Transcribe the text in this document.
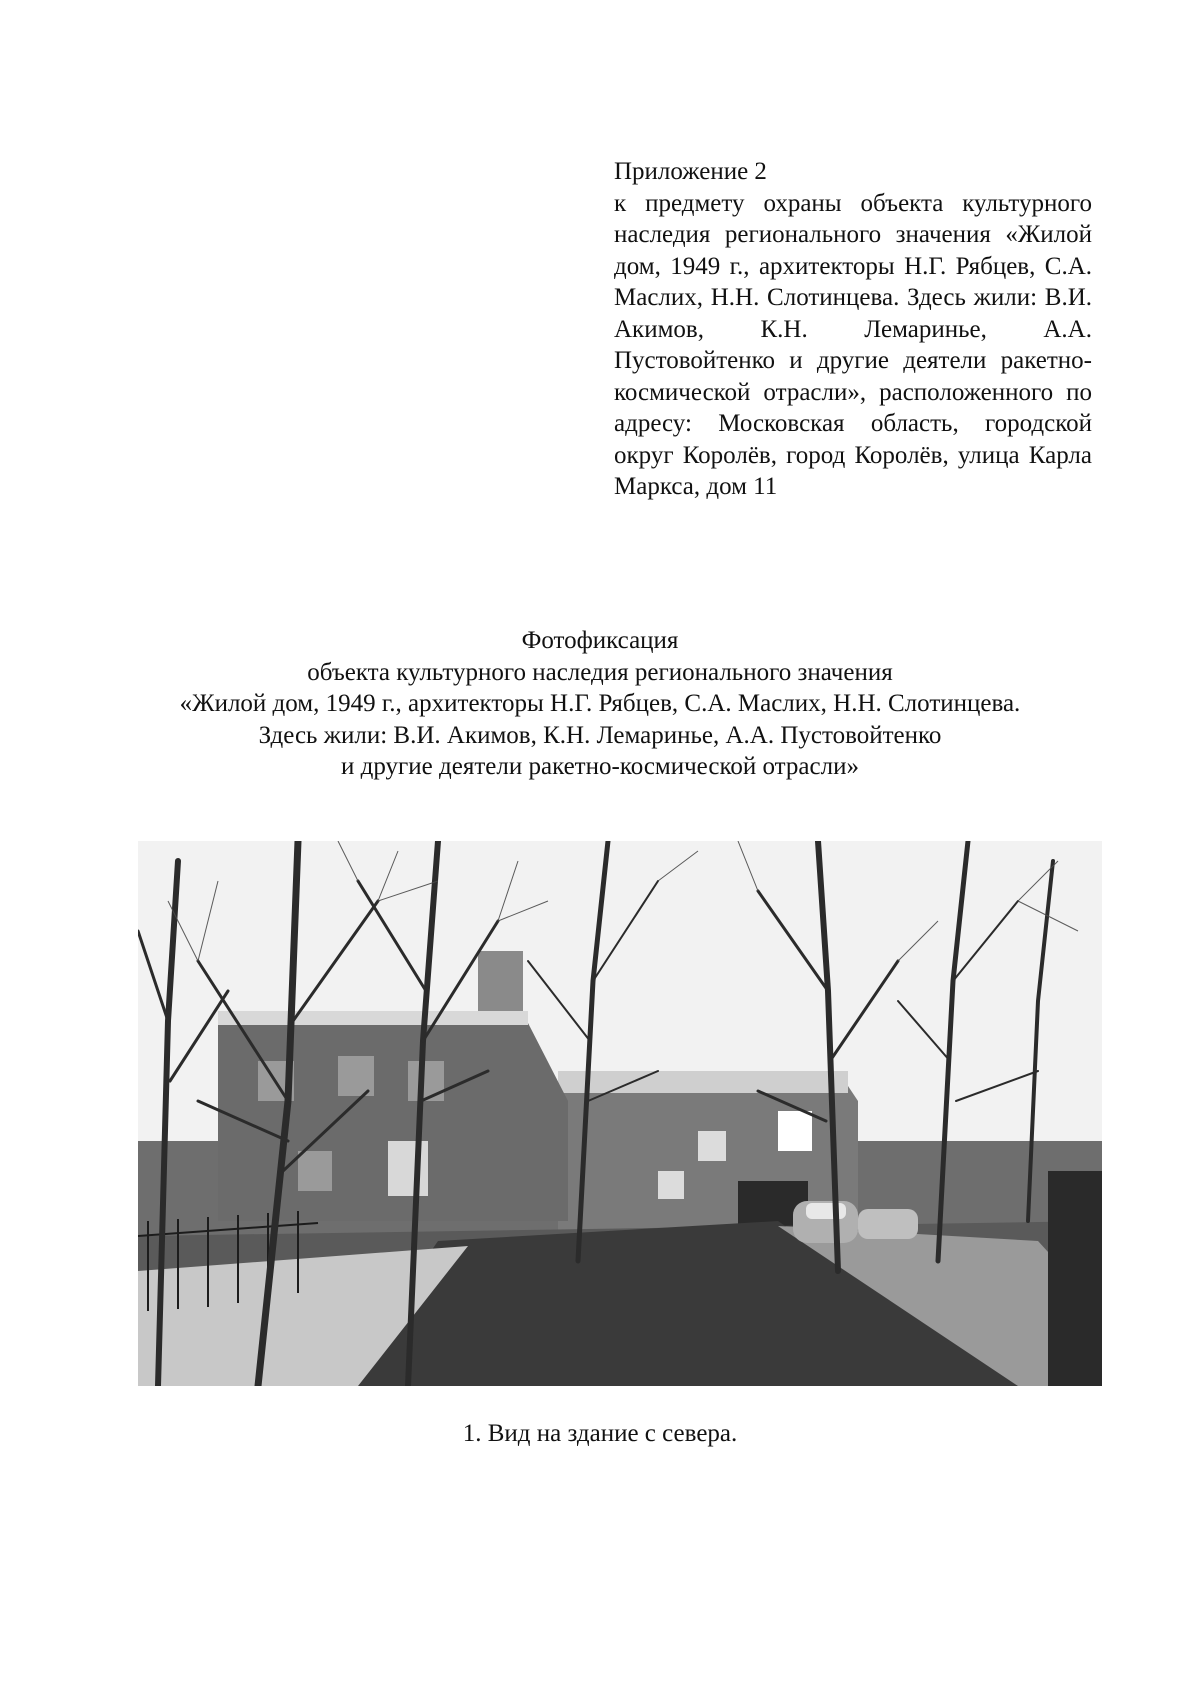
Приложение 2
к предмету охраны объекта культурного наследия регионального значения «Жилой дом, 1949 г., архитекторы Н.Г. Рябцев, С.А. Маслих, Н.Н. Слотинцева. Здесь жили: В.И. Акимов, К.Н. Лемаринье, А.А. Пустовойтенко и другие деятели ракетно-космической отрасли», расположенного по адресу: Московская область, городской округ Королёв, город Королёв, улица Карла Маркса, дом 11
Фотофиксация
объекта культурного наследия регионального значения
«Жилой дом, 1949 г., архитекторы Н.Г. Рябцев, С.А. Маслих, Н.Н. Слотинцева.
Здесь жили: В.И. Акимов, К.Н. Лемаринье, А.А. Пустовойтенко
и другие деятели ракетно-космической отрасли»
1. Вид на здание с севера.
